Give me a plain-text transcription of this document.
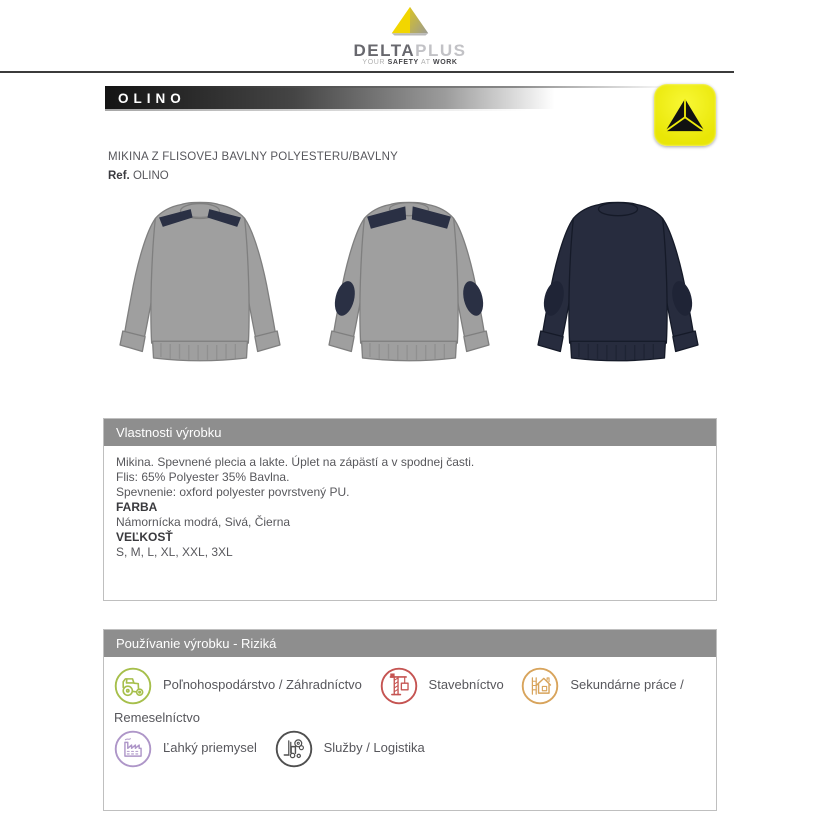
DELTAPLUS
YOUR SAFETY AT WORK
OLINO
MIKINA Z FLISOVEJ BAVLNY POLYESTERU/BAVLNY
Ref. OLINO
Vlastnosti výrobku

Mikina. Spevnené plecia a lakte. Úplet na zápästí a v spodnej časti.

Flis: 65% Polyester 35% Bavlna.
Spevnenie: oxford polyester povrstvený PU.

FARBA

Námornícka modrá, Sivá, Čierna

VEĽKOSŤ

S, M, L, XL, XXL, 3XL

Používanie výrobku - Riziká
Poľnohospodárstvo / Záhradníctvo	Stavebníctvo	Sekundárne práce / Remeselníctvo
Ľahký priemysel	Služby / Logistika
